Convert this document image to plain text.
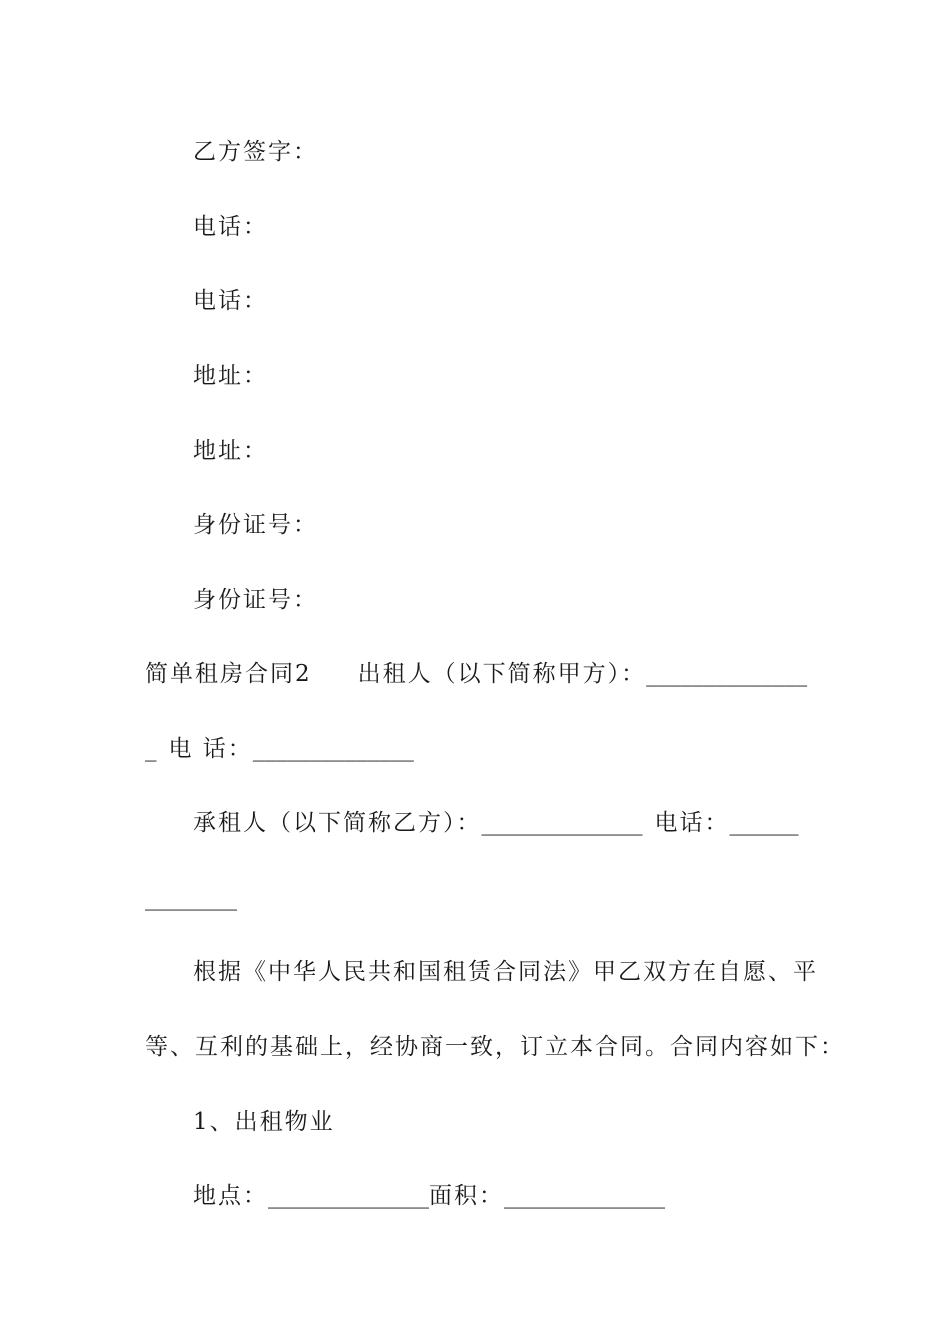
乙方签字：
电话：
电话：
地址：
地址：
身份证号：
身份证号：
简单租房合同2 出租人（以下简称甲方）：______________
_ 电 话：______________
承租人（以下简称乙方）：______________ 电话：______
________
根据《中华人民共和国租赁合同法》甲乙双方在自愿、平
等、互利的基础上，经协商一致，订立本合同。合同内容如下：
1、出租物业
地点：______________面积：______________
